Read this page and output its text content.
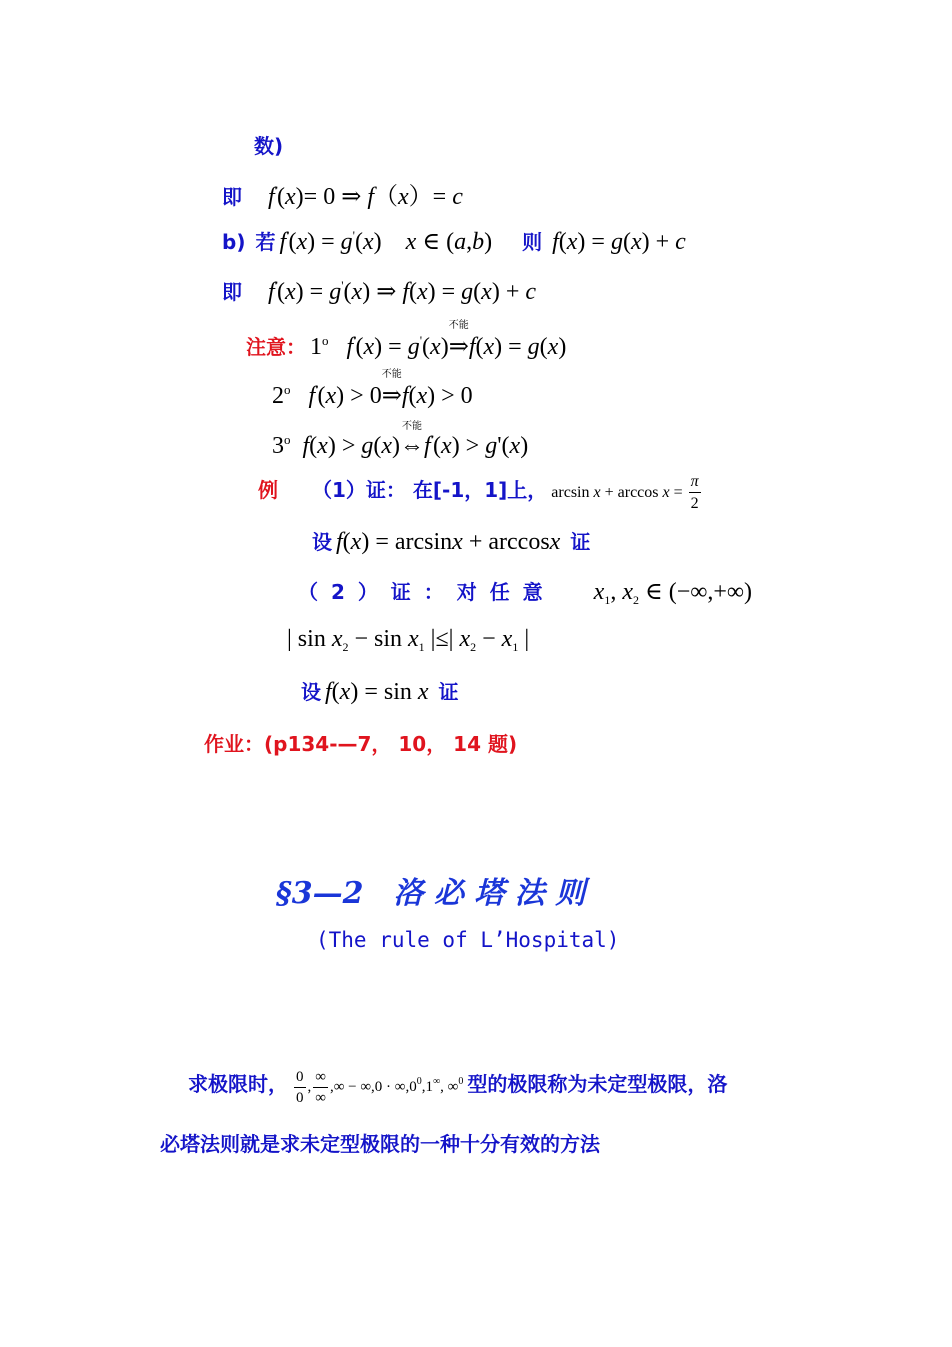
数)
即 f'(x)= 0 ⇒ f（x）= c
b) 若 f'(x) = g'(x)    x ∈ (a,b) 则 f(x) = g(x) + c
即 f'(x) = g'(x) ⇒ f(x) = g(x) + c
注意： 1$^o$ f'(x) = g'(x)⇒
不能
f(x) = g(x)
2$^o$ f'(x) > 0⇒
不能
f(x) > 0
3$^o$ f(x) > g(x)⇔
不能
f'(x) > g'(x)
例 （1）证： 在[-1，1]上， $\arcsin x + \arccos x = \frac{\pi}{2}$
设 f(x) = arcsinx + arccosx 证
（ 2 ） 证 ： 对 任 意 $x_1$, $x_2$ ∈ (−∞,+∞)
| $\sin x_2 - \sin x_1$ |≤| $x_2 - x_1$ |
设 f(x) = sin x 证
作业：(p134-—7， 10， 14 题)
§3—2　洛 必 塔 法 则
(The rule of L’Hospital)
求极限时， $\frac{0}{0}$ , $\frac{\infty}{\infty}$ ,∞ − $\infty,0 \cdot \infty,0^0,1^\infty$, ∞$^0$ 型的极限称为未定型极限，洛
必塔法则就是求未定型极限的一种十分有效的方法
